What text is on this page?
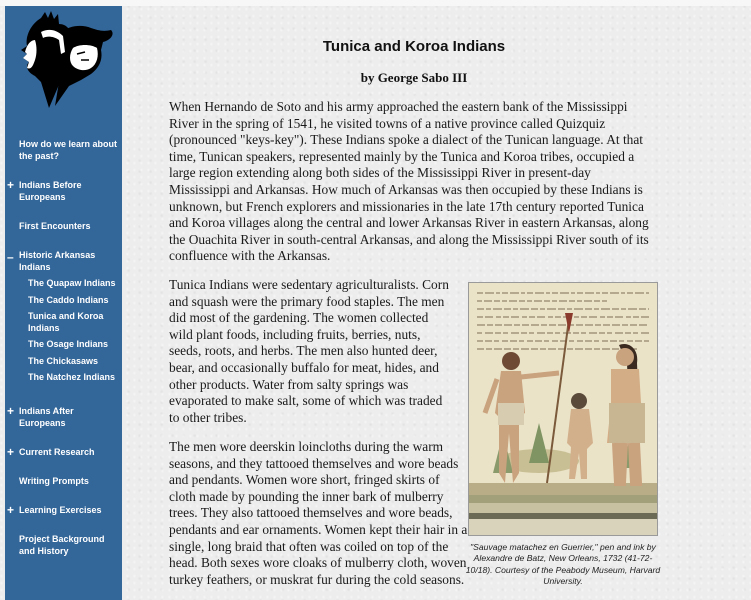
How do we learn about the past?
+ Indians Before Europeans
First Encounters
– Historic Arkansas Indians
The Quapaw Indians
The Caddo Indians
Tunica and Koroa Indians
The Osage Indians
The Chickasaws
The Natchez Indians
+ Indians After Europeans
+ Current Research
Writing Prompts
+ Learning Exercises
Project Background and History
Tunica and Koroa Indians
by George Sabo III

When Hernando de Soto and his army approached the eastern bank of the Mississippi River in the spring of 1541, he visited towns of a native province called Quizquiz (pronounced "keys-key"). These Indians spoke a dialect of the Tunican language. At that time, Tunican speakers, represented mainly by the Tunica and Koroa tribes, occupied a large region extending along both sides of the Mississippi River in present-day Mississippi and Arkansas. How much of Arkansas was then occupied by these Indians is unknown, but French explorers and missionaries in the late 17th century reported Tunica and Koroa villages along the central and lower Arkansas River in eastern Arkansas, along the Ouachita River in south-central Arkansas, and along the Mississippi River south of its confluence with the Arkansas.

Tunica Indians were sedentary agriculturalists. Corn and squash were the primary food staples. The men did most of the gardening. The women collected wild plant foods, including fruits, berries, nuts, seeds, roots, and herbs. The men also hunted deer, bear, and occasionally buffalo for meat, hides, and other products. Water from salty springs was evaporated to make salt, some of which was traded to other tribes.

The men wore deerskin loincloths during the warm seasons, and they tattooed themselves and wore beads and pendants. Women wore short, fringed skirts of cloth made by pounding the inner bark of mulberry trees. They also tattooed themselves and wore beads, pendants and ear ornaments. Women kept their hair in a single, long braid that often was coiled on top of the head. Both sexes wore cloaks of mulberry cloth, woven turkey feathers, or muskrat fur during the cold seasons.

"Sauvage matachez en Guerrier," pen and ink by Alexandre de Batz, New Orleans, 1732 (41-72-10/18). Courtesy of the Peabody Museum, Harvard University.
